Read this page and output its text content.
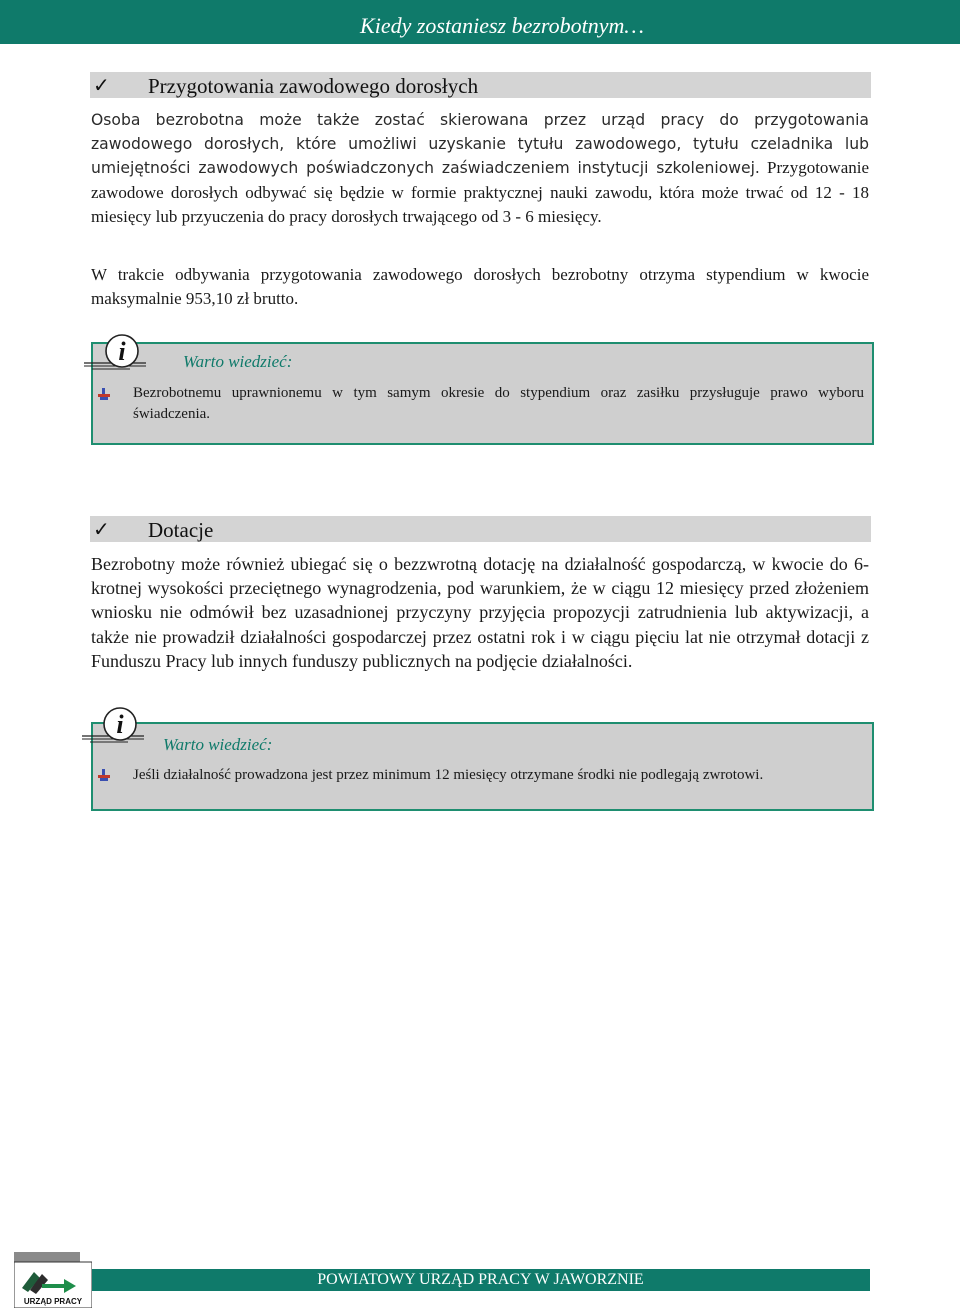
Kiedy zostaniesz bezrobotnym…
✓ Przygotowania zawodowego dorosłych

Osoba bezrobotna może także zostać skierowana przez urząd pracy do przygotowania zawodowego dorosłych, które umożliwi uzyskanie tytułu zawodowego, tytułu czeladnika lub umiejętności zawodowych poświadczonych zaświadczeniem instytucji szkoleniowej. Przygotowanie zawodowe dorosłych odbywać się będzie w formie praktycznej nauki zawodu, która może trwać od 12 - 18 miesięcy lub przyuczenia do pracy dorosłych trwającego od 3 - 6 miesięcy.

W trakcie odbywania przygotowania zawodowego dorosłych bezrobotny otrzyma stypendium w kwocie maksymalnie 953,10 zł brutto.

Warto wiedzieć:

Bezrobotnemu uprawnionemu w tym samym okresie do stypendium oraz zasiłku przysługuje prawo wyboru świadczenia.

i
✓ Dotacje

Bezrobotny może również ubiegać się o bezzwrotną dotację na działalność gospodarczą, w kwocie do 6-krotnej wysokości przeciętnego wynagrodzenia, pod warunkiem, że w ciągu 12 miesięcy przed złożeniem wniosku nie odmówił bez uzasadnionej przyczyny przyjęcia propozycji zatrudnienia lub aktywizacji, a także nie prowadził działalności gospodarczej przez ostatni rok i w ciągu pięciu lat nie otrzymał dotacji z Funduszu Pracy lub innych funduszy publicznych na podjęcie działalności.

Warto wiedzieć:

Jeśli działalność prowadzona jest przez minimum 12 miesięcy otrzymane środki nie podlegają zwrotowi.

i
POWIATOWY URZĄD PRACY W JAWORZNIE
URZĄD PRACY
